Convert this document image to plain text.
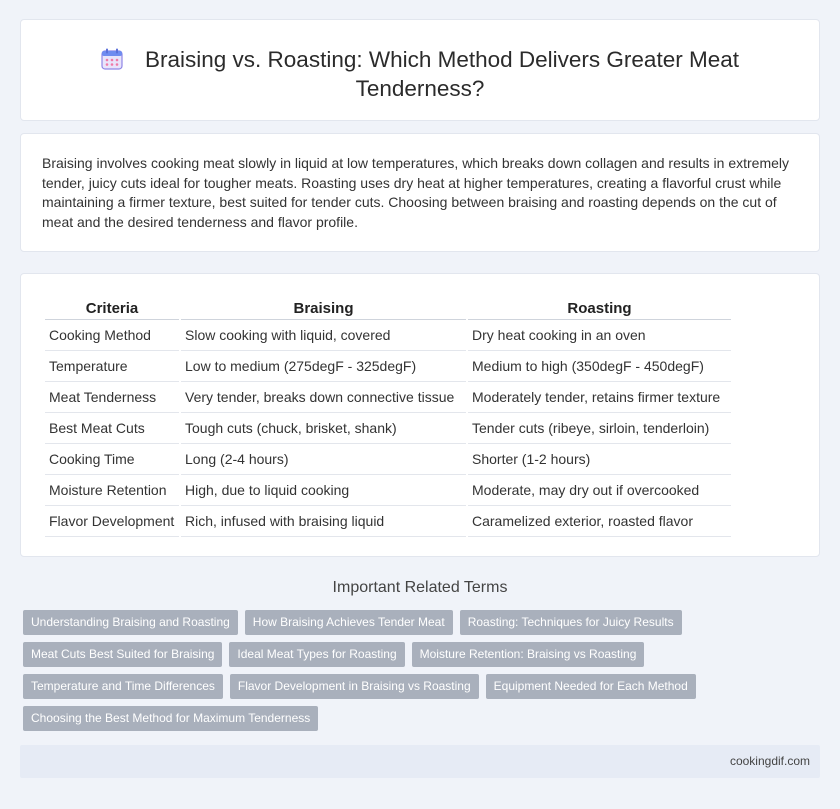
Braising vs. Roasting: Which Method Delivers Greater Meat Tenderness?

Braising involves cooking meat slowly in liquid at low temperatures, which breaks down collagen and results in extremely tender, juicy cuts ideal for tougher meats. Roasting uses dry heat at higher temperatures, creating a flavorful crust while maintaining a firmer texture, best suited for tender cuts. Choosing between braising and roasting depends on the cut of meat and the desired tenderness and flavor profile.

Criteria	Braising	Roasting
Cooking Method	Slow cooking with liquid, covered	Dry heat cooking in an oven
Temperature	Low to medium (275degF - 325degF)	Medium to high (350degF - 450degF)
Meat Tenderness	Very tender, breaks down connective tissue	Moderately tender, retains firmer texture
Best Meat Cuts	Tough cuts (chuck, brisket, shank)	Tender cuts (ribeye, sirloin, tenderloin)
Cooking Time	Long (2-4 hours)	Shorter (1-2 hours)
Moisture Retention	High, due to liquid cooking	Moderate, may dry out if overcooked
Flavor Development	Rich, infused with braising liquid	Caramelized exterior, roasted flavor
Important Related Terms
Understanding Braising and Roasting	How Braising Achieves Tender Meat	Roasting: Techniques for Juicy Results
Meat Cuts Best Suited for Braising	Ideal Meat Types for Roasting	Moisture Retention: Braising vs Roasting
Temperature and Time Differences	Flavor Development in Braising vs Roasting	Equipment Needed for Each Method
Choosing the Best Method for Maximum Tenderness
cookingdif.com
